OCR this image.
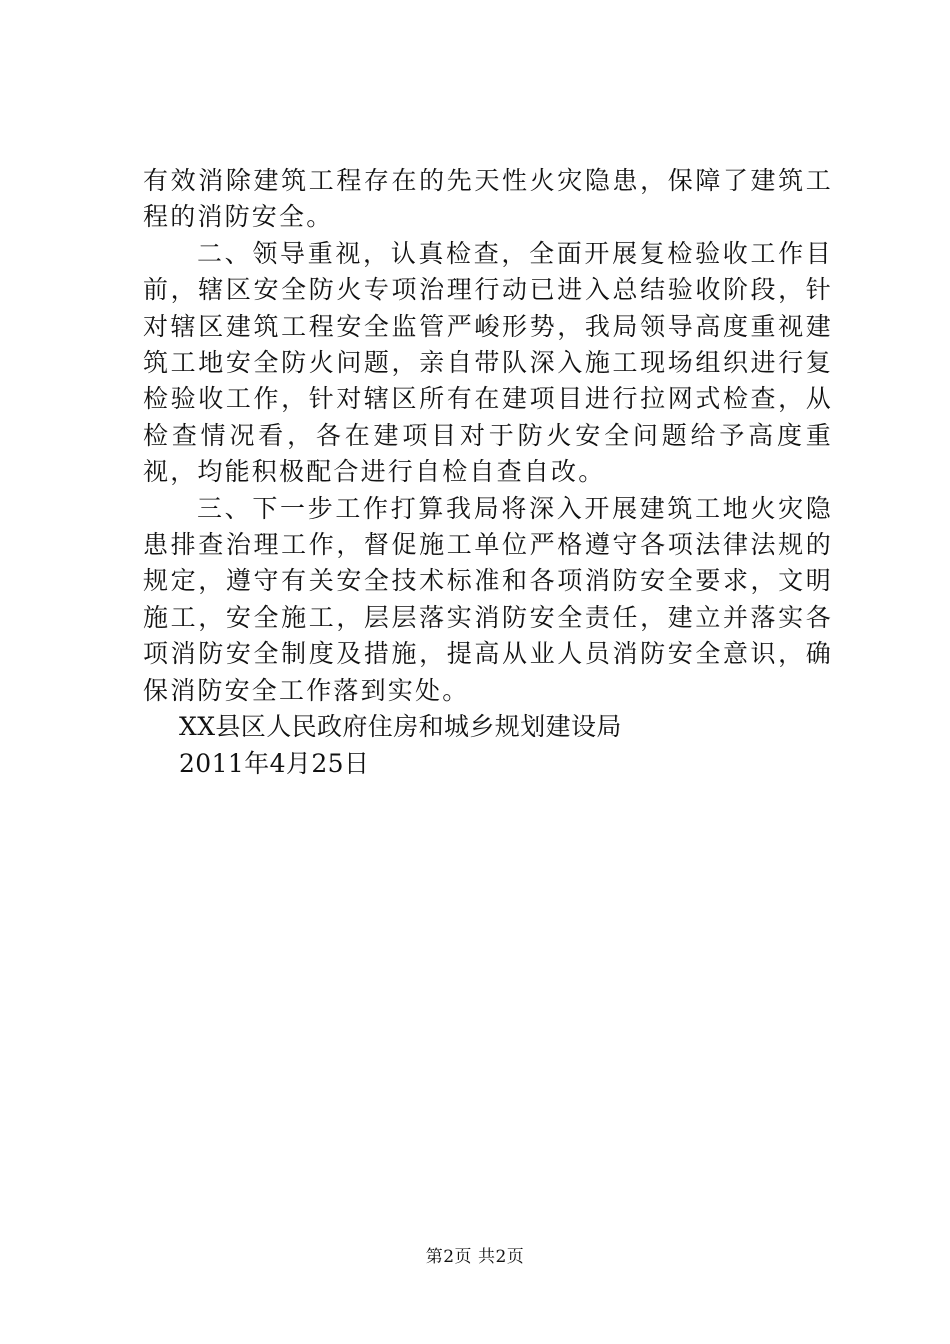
有效消除建筑工程存在的先天性火灾隐患，保障了建筑工程的消防安全。

二、领导重视，认真检查，全面开展复检验收工作目前，辖区安全防火专项治理行动已进入总结验收阶段，针对辖区建筑工程安全监管严峻形势，我局领导高度重视建筑工地安全防火问题，亲自带队深入施工现场组织进行复检验收工作，针对辖区所有在建项目进行拉网式检查，从检查情况看，各在建项目对于防火安全问题给予高度重视，均能积极配合进行自检自查自改。

三、下一步工作打算我局将深入开展建筑工地火灾隐患排查治理工作，督促施工单位严格遵守各项法律法规的规定，遵守有关安全技术标准和各项消防安全要求，文明施工，安全施工，层层落实消防安全责任，建立并落实各项消防安全制度及措施，提高从业人员消防安全意识，确保消防安全工作落到实处。

XX县区人民政府住房和城乡规划建设局

2011年4月25日

第2页 共2页
